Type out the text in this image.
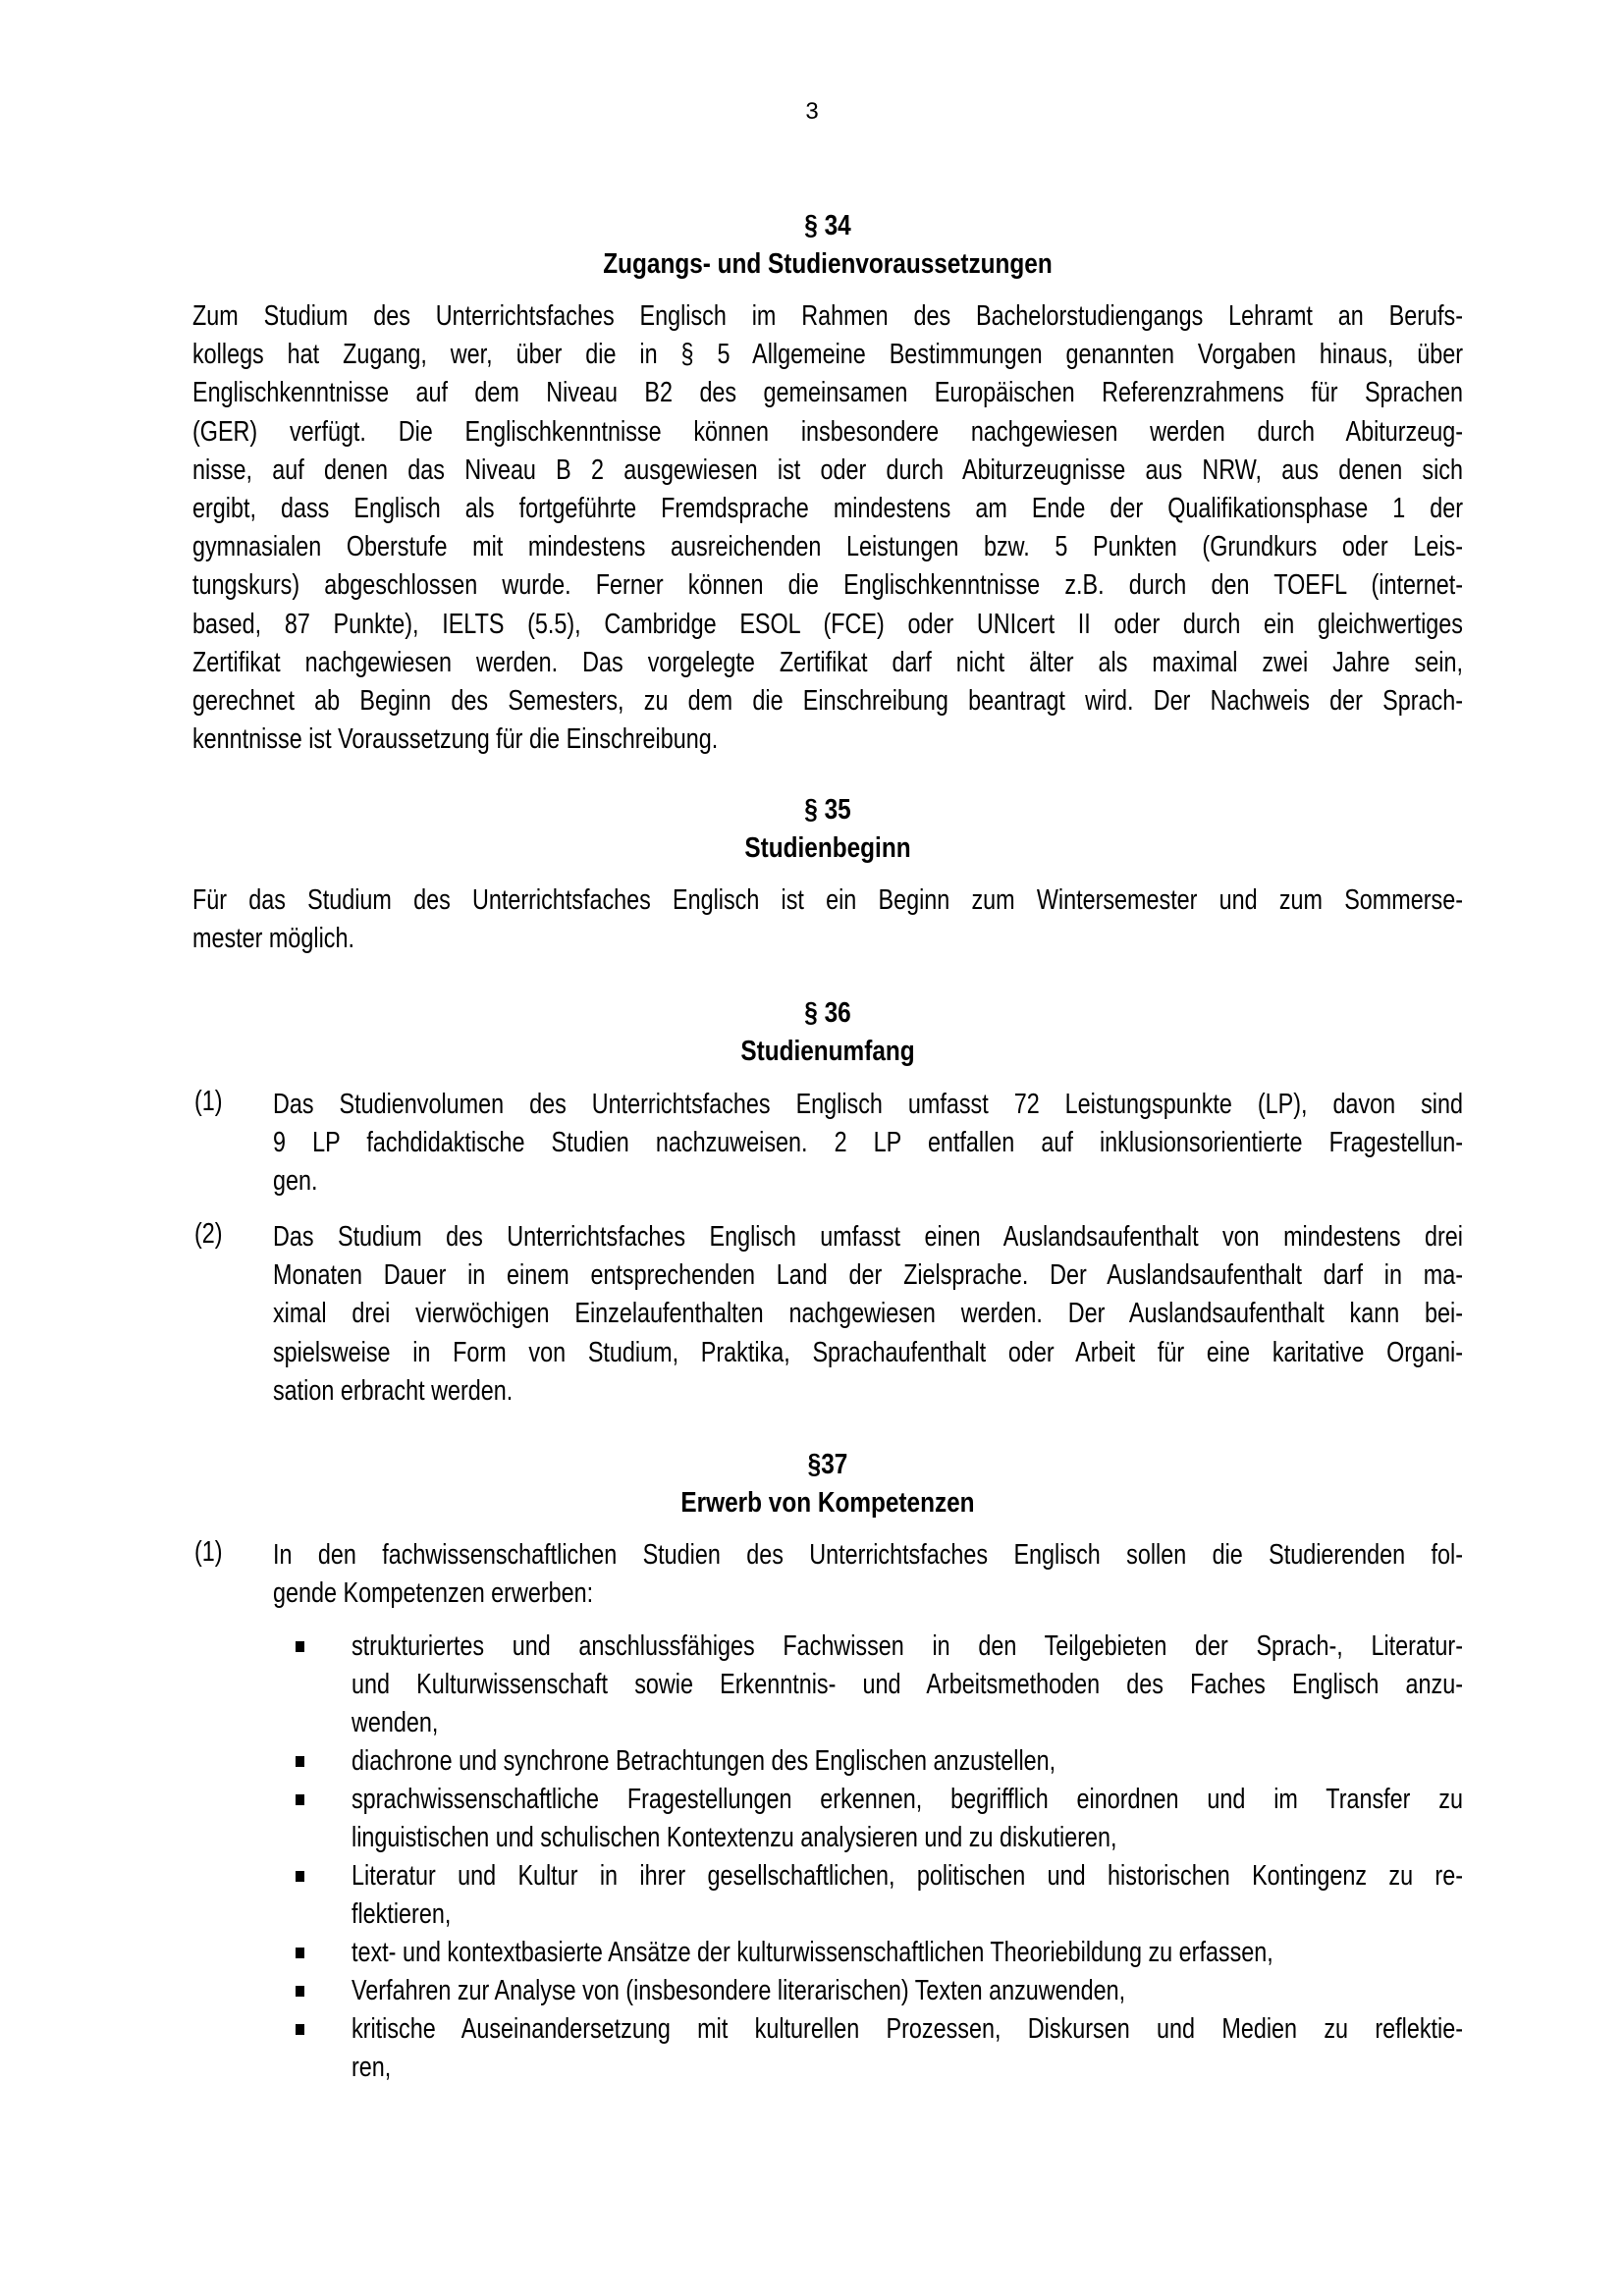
3
§ 34
Zugangs- und Studienvoraussetzungen
Zum Studium des Unterrichtsfaches Englisch im Rahmen des Bachelorstudiengangs Lehramt an Berufs-
kollegs hat Zugang, wer, über die in § 5 Allgemeine Bestimmungen genannten Vorgaben hinaus, über
Englischkenntnisse auf dem Niveau B2 des gemeinsamen Europäischen Referenzrahmens für Sprachen
(GER) verfügt. Die Englischkenntnisse können insbesondere nachgewiesen werden durch Abiturzeug-
nisse, auf denen das Niveau B 2 ausgewiesen ist oder durch Abiturzeugnisse aus NRW, aus denen sich
ergibt, dass Englisch als fortgeführte Fremdsprache mindestens am Ende der Qualifikationsphase 1 der
gymnasialen Oberstufe mit mindestens ausreichenden Leistungen bzw. 5 Punkten (Grundkurs oder Leis-
tungskurs) abgeschlossen wurde. Ferner können die Englischkenntnisse z.B. durch den TOEFL (internet-
based, 87 Punkte), IELTS (5.5), Cambridge ESOL (FCE) oder UNIcert II oder durch ein gleichwertiges
Zertifikat nachgewiesen werden. Das vorgelegte Zertifikat darf nicht älter als maximal zwei Jahre sein,
gerechnet ab Beginn des Semesters, zu dem die Einschreibung beantragt wird. Der Nachweis der Sprach-
kenntnisse ist Voraussetzung für die Einschreibung.
§ 35
Studienbeginn
Für das Studium des Unterrichtsfaches Englisch ist ein Beginn zum Wintersemester und zum Sommerse-
mester möglich.
§ 36
Studienumfang
(1) Das Studienvolumen des Unterrichtsfaches Englisch umfasst 72 Leistungspunkte (LP), davon sind
9 LP fachdidaktische Studien nachzuweisen. 2 LP entfallen auf inklusionsorientierte Fragestellun-
gen.
(2) Das Studium des Unterrichtsfaches Englisch umfasst einen Auslandsaufenthalt von mindestens drei
Monaten Dauer in einem entsprechenden Land der Zielsprache. Der Auslandsaufenthalt darf in ma-
ximal drei vierwöchigen Einzelaufenthalten nachgewiesen werden. Der Auslandsaufenthalt kann bei-
spielsweise in Form von Studium, Praktika, Sprachaufenthalt oder Arbeit für eine karitative Organi-
sation erbracht werden.
§37
Erwerb von Kompetenzen
(1) In den fachwissenschaftlichen Studien des Unterrichtsfaches Englisch sollen die Studierenden fol-
gende Kompetenzen erwerben:
strukturiertes und anschlussfähiges Fachwissen in den Teilgebieten der Sprach-, Literatur-
und Kulturwissenschaft sowie Erkenntnis- und Arbeitsmethoden des Faches Englisch anzu-
wenden,
diachrone und synchrone Betrachtungen des Englischen anzustellen,
sprachwissenschaftliche Fragestellungen erkennen, begrifflich einordnen und im Transfer zu
linguistischen und schulischen Kontextenzu analysieren und zu diskutieren,
Literatur und Kultur in ihrer gesellschaftlichen, politischen und historischen Kontingenz zu re-
flektieren,
text- und kontextbasierte Ansätze der kulturwissenschaftlichen Theoriebildung zu erfassen,
Verfahren zur Analyse von (insbesondere literarischen) Texten anzuwenden,
kritische Auseinandersetzung mit kulturellen Prozessen, Diskursen und Medien zu reflektie-
ren,
